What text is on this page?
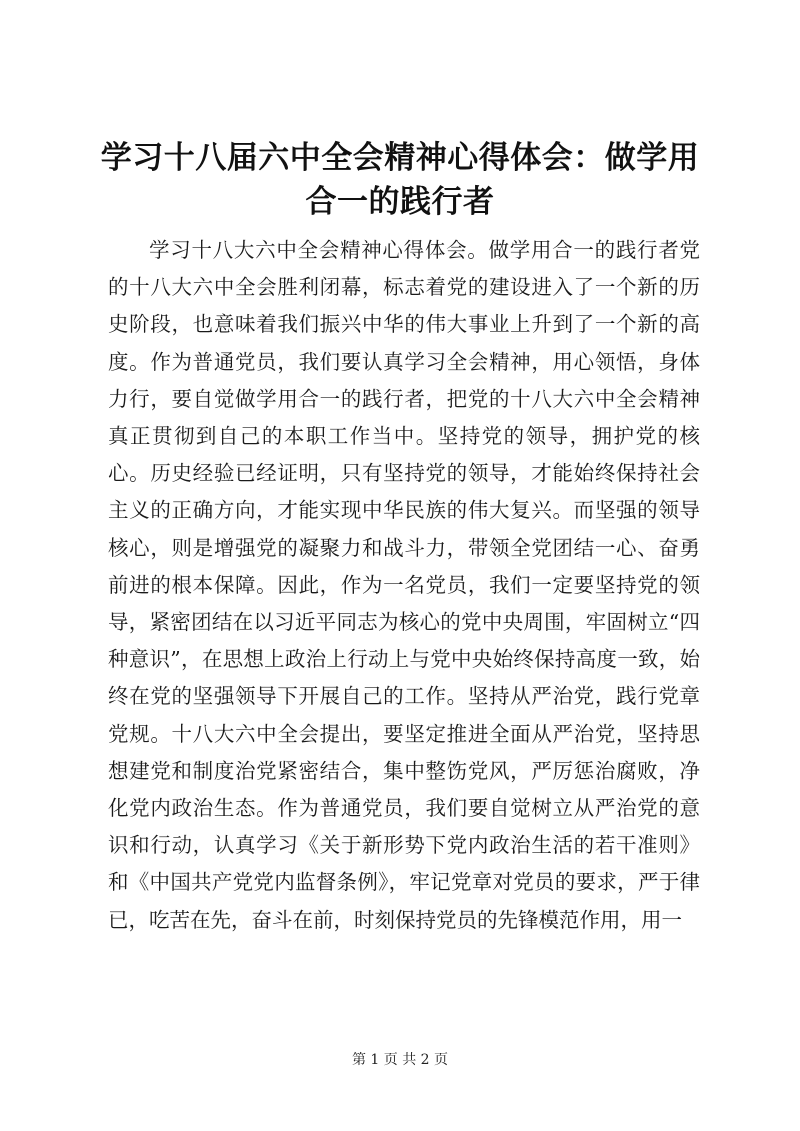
学习十八届六中全会精神心得体会：做学用合一的践行者

学习十八大六中全会精神心得体会。做学用合一的践行者党的十八大六中全会胜利闭幕，标志着党的建设进入了一个新的历史阶段，也意味着我们振兴中华的伟大事业上升到了一个新的高度。作为普通党员，我们要认真学习全会精神，用心领悟，身体力行，要自觉做学用合一的践行者，把党的十八大六中全会精神真正贯彻到自己的本职工作当中。坚持党的领导，拥护党的核心。历史经验已经证明，只有坚持党的领导，才能始终保持社会主义的正确方向，才能实现中华民族的伟大复兴。而坚强的领导核心，则是增强党的凝聚力和战斗力，带领全党团结一心、奋勇前进的根本保障。因此，作为一名党员，我们一定要坚持党的领导，紧密团结在以习近平同志为核心的党中央周围，牢固树立“四种意识”，在思想上政治上行动上与党中央始终保持高度一致，始终在党的坚强领导下开展自己的工作。坚持从严治党，践行党章党规。十八大六中全会提出，要坚定推进全面从严治党，坚持思想建党和制度治党紧密结合，集中整饬党风，严厉惩治腐败，净化党内政治生态。作为普通党员，我们要自觉树立从严治党的意识和行动，认真学习《关于新形势下党内政治生活的若干准则》和《中国共产党党内监督条例》，牢记党章对党员的要求，严于律已，吃苦在先，奋斗在前，时刻保持党员的先锋模范作用，用一

第 1 页 共 2 页
